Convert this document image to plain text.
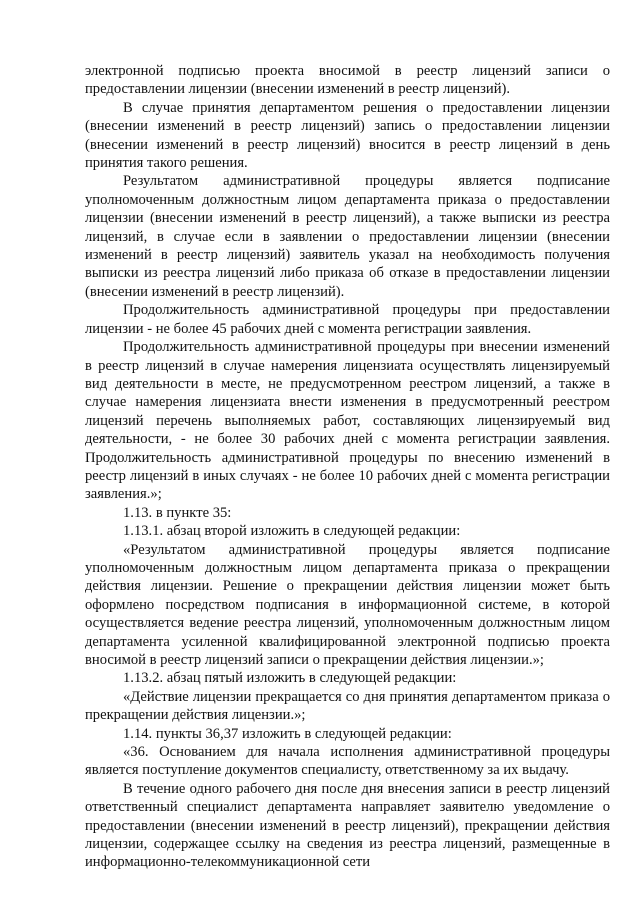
электронной подписью проекта вносимой в реестр лицензий записи о предоставлении лицензии (внесении изменений в реестр лицензий).

В случае принятия департаментом решения о предоставлении лицензии (внесении изменений в реестр лицензий) запись о предоставлении лицензии (внесении изменений в реестр лицензий) вносится в реестр лицензий в день принятия такого решения.

Результатом административной процедуры является подписание уполномоченным должностным лицом департамента приказа о предоставлении лицензии (внесении изменений в реестр лицензий), а также выписки из реестра лицензий, в случае если в заявлении о предоставлении лицензии (внесении изменений в реестр лицензий) заявитель указал на необходимость получения выписки из реестра лицензий либо приказа об отказе в предоставлении лицензии (внесении изменений в реестр лицензий).

Продолжительность административной процедуры при предоставлении лицензии - не более 45 рабочих дней с момента регистрации заявления.

Продолжительность административной процедуры при внесении изменений в реестр лицензий в случае намерения лицензиата осуществлять лицензируемый вид деятельности в месте, не предусмотренном реестром лицензий, а также в случае намерения лицензиата внести изменения в предусмотренный реестром лицензий перечень выполняемых работ, составляющих лицензируемый вид деятельности, - не более 30 рабочих дней с момента регистрации заявления. Продолжительность административной процедуры по внесению изменений в реестр лицензий в иных случаях - не более 10 рабочих дней с момента регистрации заявления.»;

1.13. в пункте 35:

1.13.1. абзац второй изложить в следующей редакции:

«Результатом административной процедуры является подписание уполномоченным должностным лицом департамента приказа о прекращении действия лицензии. Решение о прекращении действия лицензии может быть оформлено посредством подписания в информационной системе, в которой осуществляется ведение реестра лицензий, уполномоченным должностным лицом департамента усиленной квалифицированной электронной подписью проекта вносимой в реестр лицензий записи о прекращении действия лицензии.»;

1.13.2. абзац пятый изложить в следующей редакции:

«Действие лицензии прекращается со дня принятия департаментом приказа о прекращении действия лицензии.»;

1.14. пункты 36,37 изложить в следующей редакции:

«36. Основанием для начала исполнения административной процедуры является поступление документов специалисту, ответственному за их выдачу.

В течение одного рабочего дня после дня внесения записи в реестр лицензий ответственный специалист департамента направляет заявителю уведомление о предоставлении (внесении изменений в реестр лицензий), прекращении действия лицензии, содержащее ссылку на сведения из реестра лицензий, размещенные в информационно-телекоммуникационной сети
